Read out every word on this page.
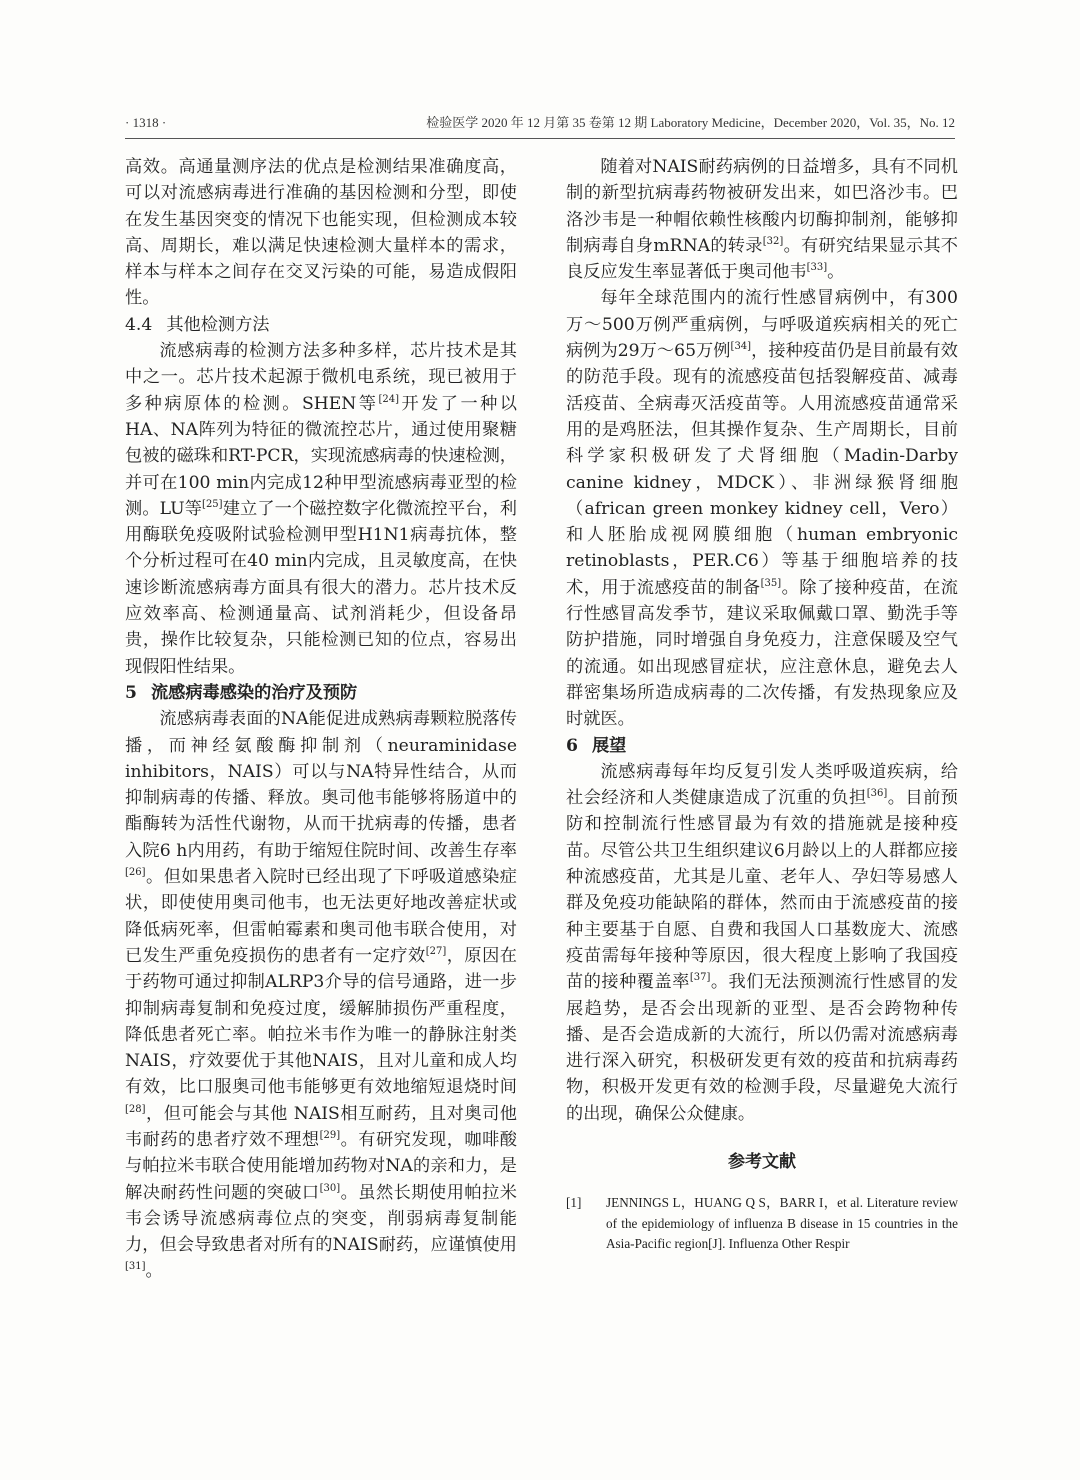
· 1318 ·	检验医学 2020 年 12 月第 35 卷第 12 期 Laboratory Medicine，December 2020，Vol. 35，No. 12

高效。高通量测序法的优点是检测结果准确度高，可以对流感病毒进行准确的基因检测和分型，即使在发生基因突变的情况下也能实现，但检测成本较高、周期长，难以满足快速检测大量样本的需求，样本与样本之间存在交叉污染的可能，易造成假阳性。

4.4 其他检测方法

流感病毒的检测方法多种多样，芯片技术是其中之一。芯片技术起源于微机电系统，现已被用于多种病原体的检测。SHEN等[24]开发了一种以HA、NA阵列为特征的微流控芯片，通过使用聚糖包被的磁珠和RT-PCR，实现流感病毒的快速检测，并可在100 min内完成12种甲型流感病毒亚型的检测。LU等[25]建立了一个磁控数字化微流控平台，利用酶联免疫吸附试验检测甲型H1N1病毒抗体，整个分析过程可在40 min内完成，且灵敏度高，在快速诊断流感病毒方面具有很大的潜力。芯片技术反应效率高、检测通量高、试剂消耗少，但设备昂贵，操作比较复杂，只能检测已知的位点，容易出现假阳性结果。

5 流感病毒感染的治疗及预防

流感病毒表面的NA能促进成熟病毒颗粒脱落传播，而神经氨酸酶抑制剂（neuraminidase inhibitors，NAIS）可以与NA特异性结合，从而抑制病毒的传播、释放。奥司他韦能够将肠道中的酯酶转为活性代谢物，从而干扰病毒的传播，患者入院6 h内用药，有助于缩短住院时间、改善生存率[26]。但如果患者入院时已经出现了下呼吸道感染症状，即使使用奥司他韦，也无法更好地改善症状或降低病死率，但雷帕霉素和奥司他韦联合使用，对已发生严重免疫损伤的患者有一定疗效[27]，原因在于药物可通过抑制ALRP3介导的信号通路，进一步抑制病毒复制和免疫过度，缓解肺损伤严重程度，降低患者死亡率。帕拉米韦作为唯一的静脉注射类NAIS，疗效要优于其他NAIS，且对儿童和成人均有效，比口服奥司他韦能够更有效地缩短退烧时间[28]，但可能会与其他 NAIS相互耐药，且对奥司他韦耐药的患者疗效不理想[29]。有研究发现，咖啡酸与帕拉米韦联合使用能增加药物对NA的亲和力，是解决耐药性问题的突破口[30]。虽然长期使用帕拉米韦会诱导流感病毒位点的突变，削弱病毒复制能力，但会导致患者对所有的NAIS耐药，应谨慎使用[31]。

随着对NAIS耐药病例的日益增多，具有不同机制的新型抗病毒药物被研发出来，如巴洛沙韦。巴洛沙韦是一种帽依赖性核酸内切酶抑制剂，能够抑制病毒自身mRNA的转录[32]。有研究结果显示其不良反应发生率显著低于奥司他韦[33]。

每年全球范围内的流行性感冒病例中，有300万～500万例严重病例，与呼吸道疾病相关的死亡病例为29万～65万例[34]，接种疫苗仍是目前最有效的防范手段。现有的流感疫苗包括裂解疫苗、减毒活疫苗、全病毒灭活疫苗等。人用流感疫苗通常采用的是鸡胚法，但其操作复杂、生产周期长，目前科学家积极研发了犬肾细胞（Madin-Darby canine kidney，MDCK）、非洲绿猴肾细胞（african green monkey kidney cell，Vero）和人胚胎成视网膜细胞（human embryonic retinoblasts，PER.C6）等基于细胞培养的技术，用于流感疫苗的制备[35]。除了接种疫苗，在流行性感冒高发季节，建议采取佩戴口罩、勤洗手等防护措施，同时增强自身免疫力，注意保暖及空气的流通。如出现感冒症状，应注意休息，避免去人群密集场所造成病毒的二次传播，有发热现象应及时就医。

6 展望

流感病毒每年均反复引发人类呼吸道疾病，给社会经济和人类健康造成了沉重的负担[36]。目前预防和控制流行性感冒最为有效的措施就是接种疫苗。尽管公共卫生组织建议6月龄以上的人群都应接种流感疫苗，尤其是儿童、老年人、孕妇等易感人群及免疫功能缺陷的群体，然而由于流感疫苗的接种主要基于自愿、自费和我国人口基数庞大、流感疫苗需每年接种等原因，很大程度上影响了我国疫苗的接种覆盖率[37]。我们无法预测流行性感冒的发展趋势，是否会出现新的亚型、是否会跨物种传播、是否会造成新的大流行，所以仍需对流感病毒进行深入研究，积极研发更有效的疫苗和抗病毒药物，积极开发更有效的检测手段，尽量避免大流行的出现，确保公众健康。

参考文献
[1]	JENNINGS L，HUANG Q S，BARR I，et al. Literature review of the epidemiology of influenza B disease in 15 countries in the Asia-Pacific region[J]. Influenza Other Respir
